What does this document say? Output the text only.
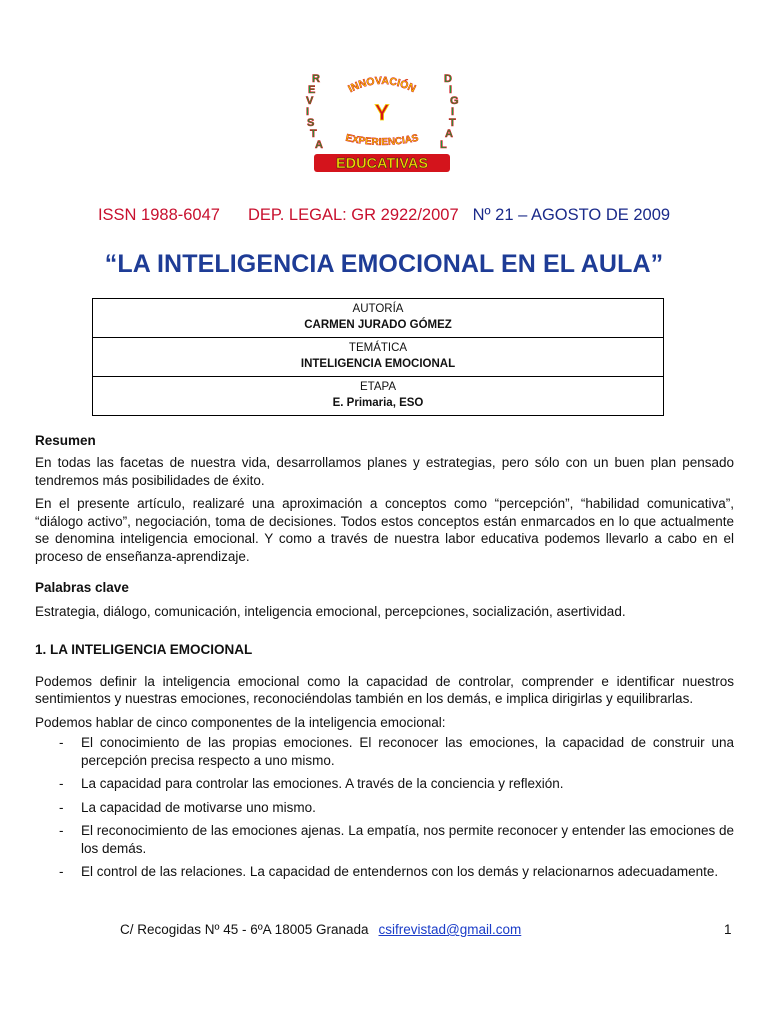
R
E
V
I
S
T
A
D
I
G
I
T
A
L
INNOVACIÓN
Y
EXPERIENCIAS
EDUCATIVAS
ISSN 1988-6047 DEP. LEGAL: GR 2922/2007 Nº 21 – AGOSTO DE 2009
“LA INTELIGENCIA EMOCIONAL EN EL AULA”
AUTORÍA
CARMEN JURADO GÓMEZ

TEMÁTICA
INTELIGENCIA EMOCIONAL

ETAPA
E. Primaria, ESO
Resumen

En todas las facetas de nuestra vida, desarrollamos planes y estrategias, pero sólo con un buen plan pensado tendremos más posibilidades de éxito.

En el presente artículo, realizaré una aproximación a conceptos como “percepción”, “habilidad comunicativa”, “diálogo activo”, negociación, toma de decisiones. Todos estos conceptos están enmarcados en lo que actualmente se denomina inteligencia emocional. Y como a través de nuestra labor educativa podemos llevarlo a cabo en el proceso de enseñanza-aprendizaje.

Palabras clave

Estrategia, diálogo, comunicación, inteligencia emocional, percepciones, socialización, asertividad.

1. LA INTELIGENCIA EMOCIONAL

Podemos definir la inteligencia emocional como la capacidad de controlar, comprender e identificar nuestros sentimientos y nuestras emociones, reconociéndolas también en los demás, e implica dirigirlas y equilibrarlas.

Podemos hablar de cinco componentes de la inteligencia emocional:

- El conocimiento de las propias emociones. El reconocer las emociones, la capacidad de construir una percepción precisa respecto a uno mismo.
- La capacidad para controlar las emociones. A través de la conciencia y reflexión.
- La capacidad de motivarse uno mismo.
- El reconocimiento de las emociones ajenas. La empatía, nos permite reconocer y entender las emociones de los demás.
- El control de las relaciones. La capacidad de entendernos con los demás y relacionarnos adecuadamente.
C/ Recogidas Nº 45 - 6ºA 18005 Granada csifrevistad@gmail.com	1
